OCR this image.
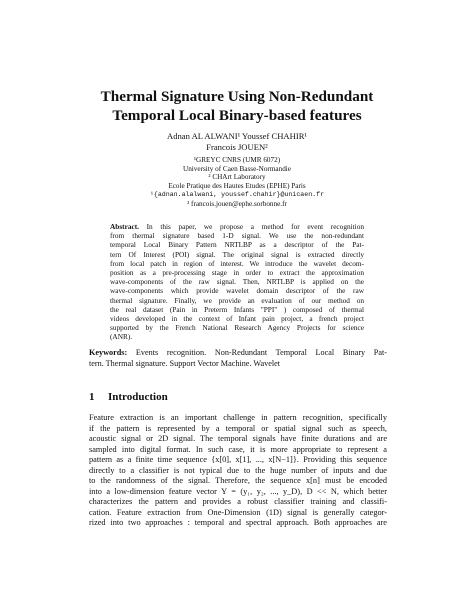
Thermal Signature Using Non-Redundant
Temporal Local Binary-based features
Adnan AL ALWANI¹ Youssef CHAHIR¹
Francois JOUEN²
¹GREYC CNRS (UMR 6072)
University of Caen Basse-Normandie
² CHArt Laboratory
Ecole Pratique des Hautes Etudes (EPHE) Paris
¹{adnan.alalwani, youssef.chahir}@unicaen.fr
² francois.jouen@ephe.sorbonne.fr
Abstract. In this paper, we propose a method for event recognition
from thermal signature based 1-D signal. We use the non-redundant
temporal Local Binary Pattern NRTLBP as a descriptor of the Pat-
tern Of Interest (POI) signal. The original signal is extracted directly
from local patch in region of interest. We introduce the wavelet decom-
position as a pre-processing stage in order to extract the approximation
wave-components of the raw signal. Then, NRTLBP is applied on the
wave-components which provide wavelet domain descriptor of the raw
thermal signature. Finally, we provide an evaluation of our method on
the real dataset (Pain in Preterm Infants "PPI" ) composed of thermal
videos developed in the context of Infant pain project, a french project
supported by the French National Research Agency Projects for science
(ANR).
Keywords: Events recognition. Non-Redundant Temporal Local Binary Pat-
tern. Thermal signature. Support Vector Machine. Wavelet
1 Introduction
Feature extraction is an important challenge in pattern recognition, specifically
if the pattern is represented by a temporal or spatial signal such as speech,
acoustic signal or 2D signal. The temporal signals have finite durations and are
sampled into digital format. In such case, it is more appropriate to represent a
pattern as a finite time sequence {x[0], x[1], ..., x[N−1]}. Providing this sequence
directly to a classifier is not typical due to the huge number of inputs and due
to the randomness of the signal. Therefore, the sequence x[n] must be encoded
into a low-dimension feature vector Y = (y₁, y₂, ..., y_D), D << N, which better
characterizes the pattern and provides a robust classifier training and classifi-
cation. Feature extraction from One-Dimension (1D) signal is generally categor-
rized into two approaches : temporal and spectral approach. Both approaches are
